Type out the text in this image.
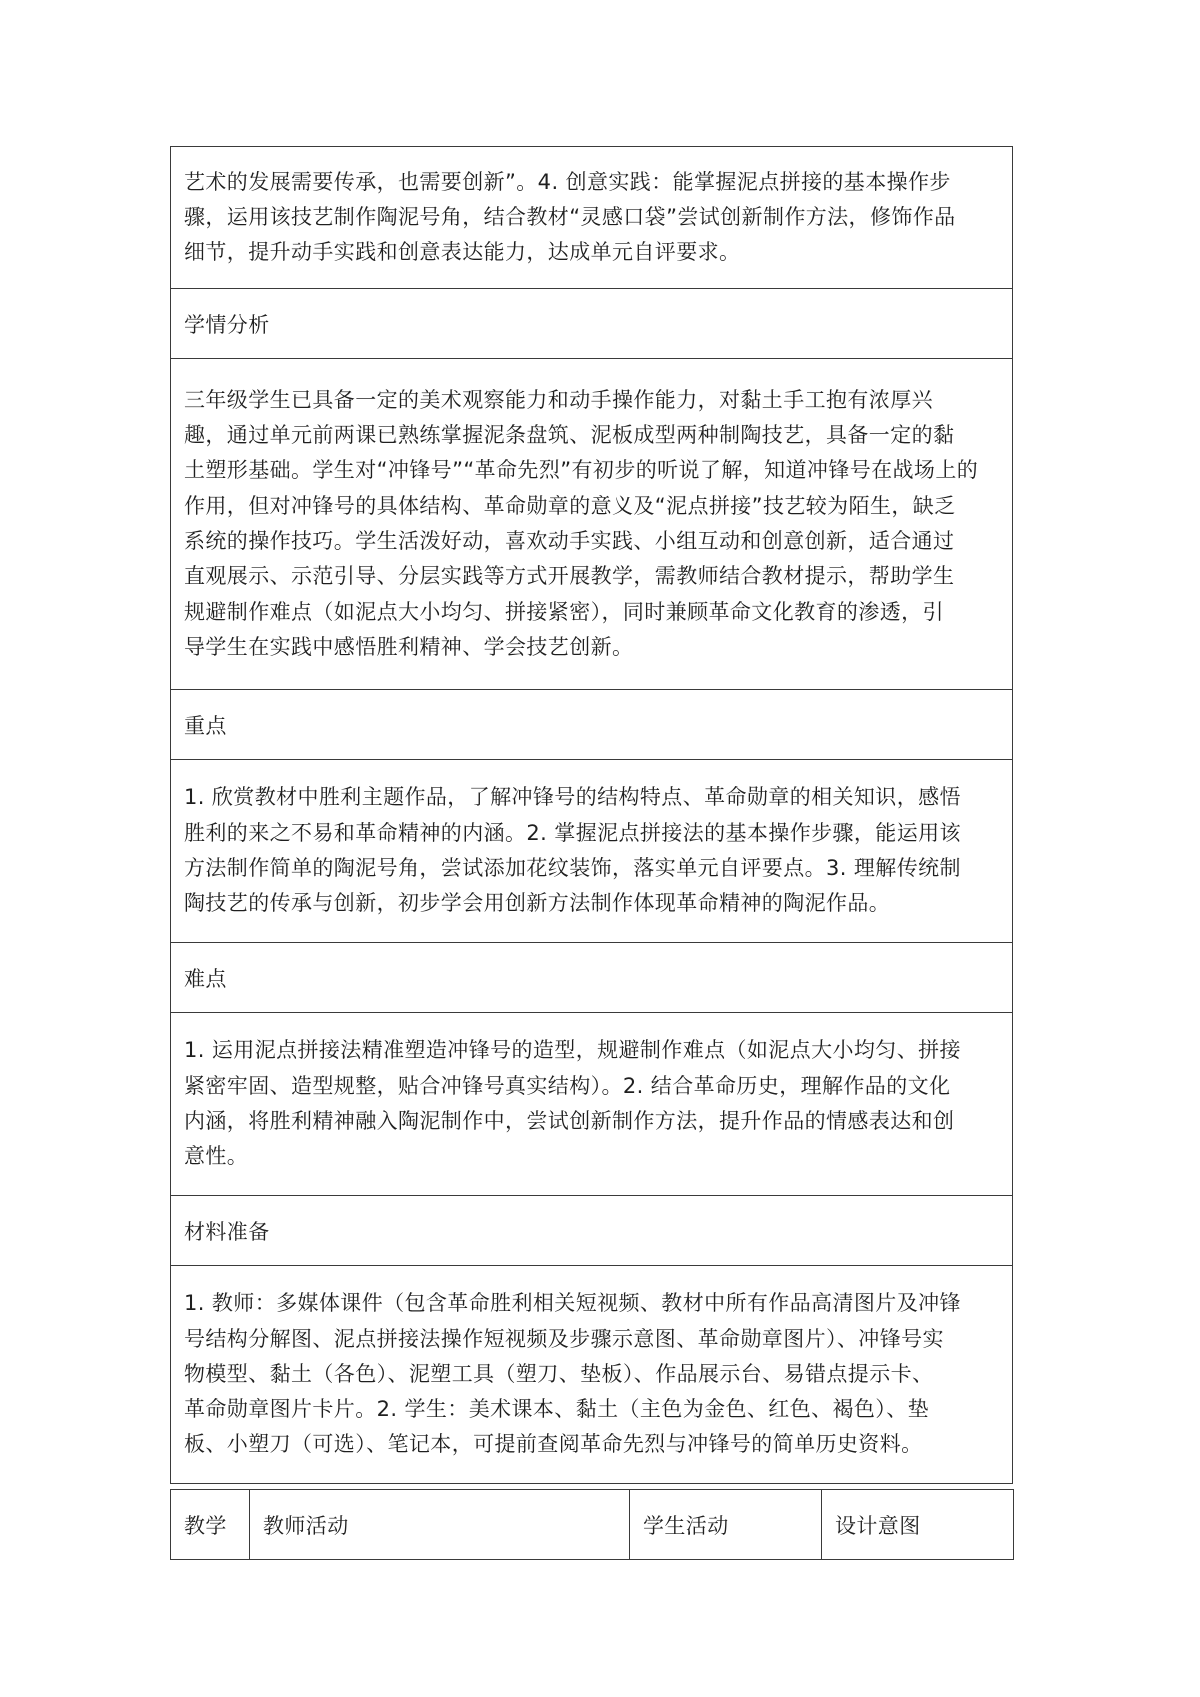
艺术的发展需要传承，也需要创新”。4. 创意实践：能掌握泥点拼接的基本操作步
骤，运用该技艺制作陶泥号角，结合教材“灵感口袋”尝试创新制作方法，修饰作品
细节，提升动手实践和创意表达能力，达成单元自评要求。

学情分析

三年级学生已具备一定的美术观察能力和动手操作能力，对黏土手工抱有浓厚兴
趣，通过单元前两课已熟练掌握泥条盘筑、泥板成型两种制陶技艺，具备一定的黏
土塑形基础。学生对“冲锋号”“革命先烈”有初步的听说了解，知道冲锋号在战场上的
作用，但对冲锋号的具体结构、革命勋章的意义及“泥点拼接”技艺较为陌生，缺乏
系统的操作技巧。学生活泼好动，喜欢动手实践、小组互动和创意创新，适合通过
直观展示、示范引导、分层实践等方式开展教学，需教师结合教材提示，帮助学生
规避制作难点（如泥点大小均匀、拼接紧密），同时兼顾革命文化教育的渗透，引
导学生在实践中感悟胜利精神、学会技艺创新。

重点

1. 欣赏教材中胜利主题作品，了解冲锋号的结构特点、革命勋章的相关知识，感悟
胜利的来之不易和革命精神的内涵。2. 掌握泥点拼接法的基本操作步骤，能运用该
方法制作简单的陶泥号角，尝试添加花纹装饰，落实单元自评要点。3. 理解传统制
陶技艺的传承与创新，初步学会用创新方法制作体现革命精神的陶泥作品。

难点

1. 运用泥点拼接法精准塑造冲锋号的造型，规避制作难点（如泥点大小均匀、拼接
紧密牢固、造型规整，贴合冲锋号真实结构）。2. 结合革命历史，理解作品的文化
内涵，将胜利精神融入陶泥制作中，尝试创新制作方法，提升作品的情感表达和创
意性。

材料准备

1. 教师：多媒体课件（包含革命胜利相关短视频、教材中所有作品高清图片及冲锋
号结构分解图、泥点拼接法操作短视频及步骤示意图、革命勋章图片）、冲锋号实
物模型、黏土（各色）、泥塑工具（塑刀、垫板）、作品展示台、易错点提示卡、
革命勋章图片卡片。2. 学生：美术课本、黏土（主色为金色、红色、褐色）、垫
板、小塑刀（可选）、笔记本，可提前查阅革命先烈与冲锋号的简单历史资料。
教学	教师活动	学生活动	设计意图
